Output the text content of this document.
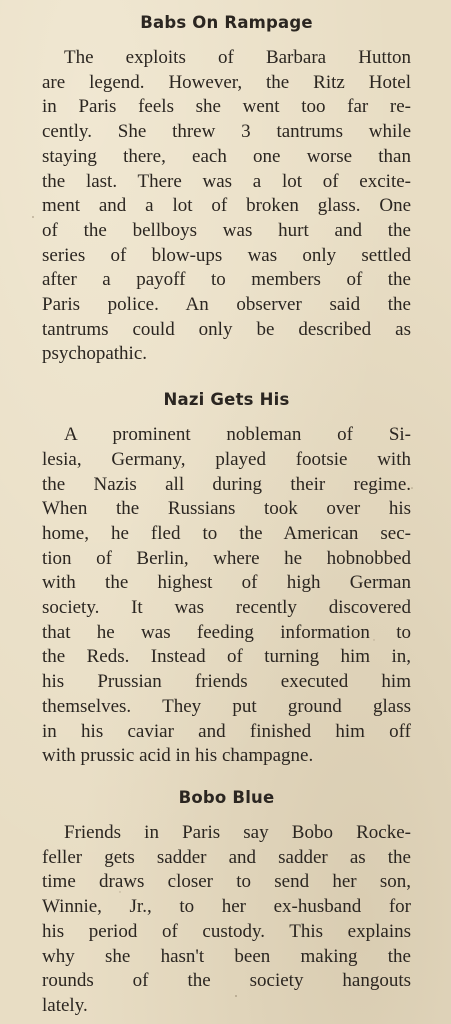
Babs On Rampage
The exploits of Barbara Hutton
are legend. However, the Ritz Hotel
in Paris feels she went too far re-
cently. She threw 3 tantrums while
staying there, each one worse than
the last. There was a lot of excite-
ment and a lot of broken glass. One
of the bellboys was hurt and the
series of blow-ups was only settled
after a payoff to members of the
Paris police. An observer said the
tantrums could only be described as
psychopathic.
Nazi Gets His
A prominent nobleman of Si-
lesia, Germany, played footsie with
the Nazis all during their regime.
When the Russians took over his
home, he fled to the American sec-
tion of Berlin, where he hobnobbed
with the highest of high German
society. It was recently discovered
that he was feeding information to
the Reds. Instead of turning him in,
his Prussian friends executed him
themselves. They put ground glass
in his caviar and finished him off
with prussic acid in his champagne.
Bobo Blue
Friends in Paris say Bobo Rocke-
feller gets sadder and sadder as the
time draws closer to send her son,
Winnie, Jr., to her ex-husband for
his period of custody. This explains
why she hasn't been making the
rounds of the society hangouts
lately.
